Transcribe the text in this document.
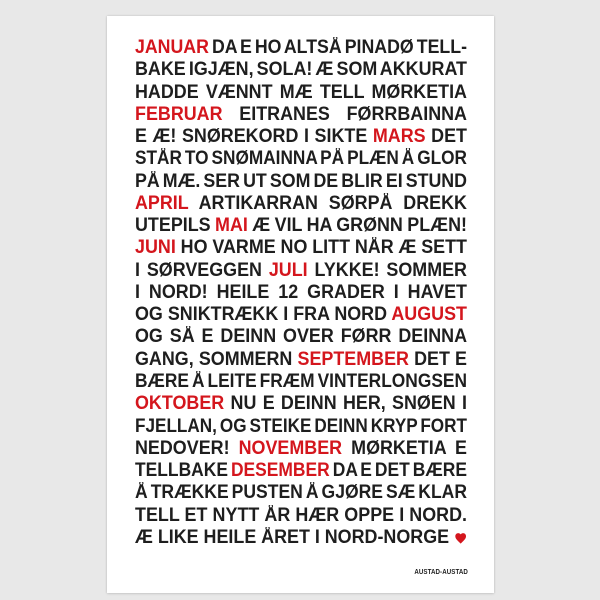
JANUAR DA E HO ALTSÅ PINADØ TELL-
BAKE IGJÆN, SOLA! Æ SOM AKKURAT
HADDE VÆNNT MÆ TELL MØRKETIA
FEBRUAR EITRANES FØRRBAINNA
E Æ! SNØREKORD I SIKTE MARS DET
STÅR TO SNØMAINNA PÅ PLÆN Å GLOR
PÅ MÆ. SER UT SOM DE BLIR EI STUND
APRIL ARTIKARRAN SØRPÅ DREKK
UTEPILS MAI Æ VIL HA GRØNN PLÆN!
JUNI HO VARME NO LITT NÅR Æ SETT
I SØRVEGGEN JULI LYKKE! SOMMER
I NORD! HEILE 12 GRADER I HAVET
OG SNIKTRÆKK I FRA NORD AUGUST
OG SÅ E DEINN OVER FØRR DEINNA
GANG, SOMMERN SEPTEMBER DET E
BÆRE Å LEITE FRÆM VINTERLONGSEN
OKTOBER NU E DEINN HER, SNØEN I
FJELLAN, OG STEIKE DEINN KRYP FORT
NEDOVER! NOVEMBER MØRKETIA E
TELLBAKE DESEMBER DA E DET BÆRE
Å TRÆKKE PUSTEN Å GJØRE SÆ KLAR
TELL ET NYTT ÅR HÆR OPPE I NORD.
Æ LIKE HEILE ÅRET I NORD-NORGE
AUSTAD-AUSTAD
